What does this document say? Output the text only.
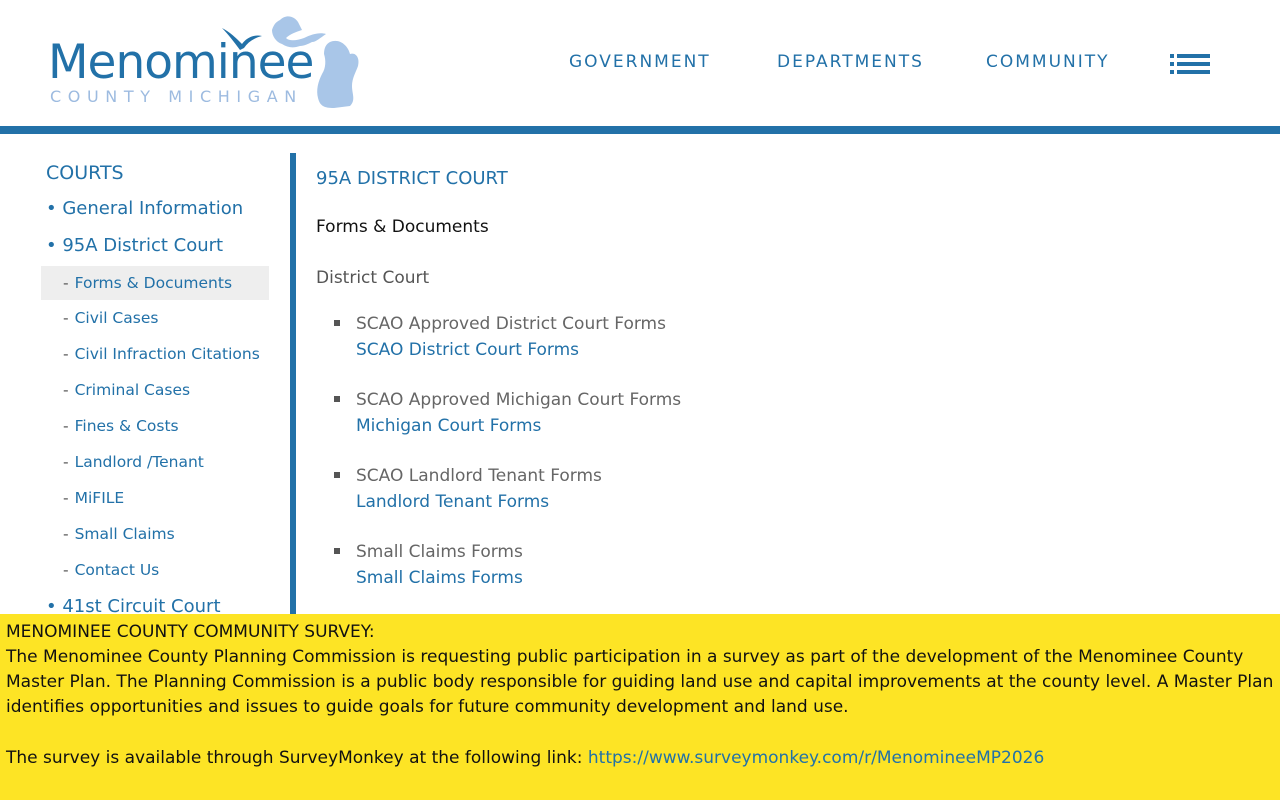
Menominee
COUNTY MICHIGAN
GOVERNMENT	DEPARTMENTS	COMMUNITY
COURTS
• General Information
• 95A District Court
- Forms & Documents
- Civil Cases
- Civil Infraction Citations
- Criminal Cases
- Fines & Costs
- Landlord /Tenant
- MiFILE
- Small Claims
- Contact Us
• 41st Circuit Court
95A DISTRICT COURT
Forms & Documents
District Court
SCAO Approved District Court Forms
SCAO District Court Forms
SCAO Approved Michigan Court Forms
Michigan Court Forms
SCAO Landlord Tenant Forms
Landlord Tenant Forms
Small Claims Forms
Small Claims Forms

MENOMINEE COUNTY COMMUNITY SURVEY:

The Menominee County Planning Commission is requesting public participation in a survey as part of the development of the Menominee County Master Plan. The Planning Commission is a public body responsible for guiding land use and capital improvements at the county level. A Master Plan identifies opportunities and issues to guide goals for future community development and land use.

The survey is available through SurveyMonkey at the following link: https://www.surveymonkey.com/r/MenomineeMP2026
